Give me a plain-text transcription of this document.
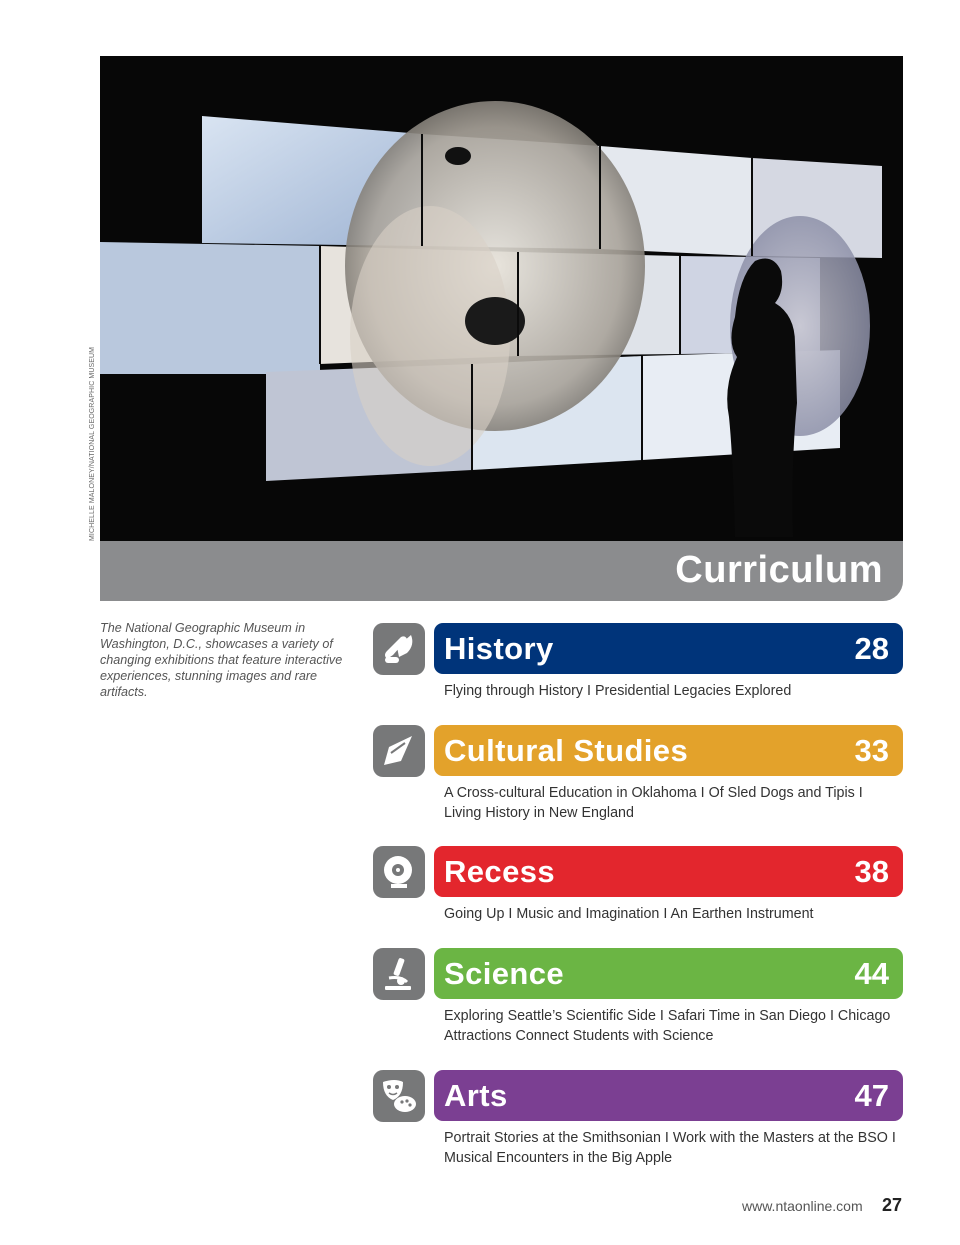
MICHELLE MALONEY/NATIONAL GEOGRAPHIC MUSEUM
Curriculum
The National Geographic Museum in Washington, D.C., showcases a variety of changing exhibitions that feature interactive experiences, stunning images and rare artifacts.
History	28
Flying through History I Presidential Legacies Explored
Cultural Studies	33
A Cross-cultural Education in Oklahoma I Of Sled Dogs and Tipis I Living History in New England
Recess	38
Going Up I Music and Imagination I An Earthen Instrument
Science	44
Exploring Seattle’s Scientific Side I Safari Time in San Diego I Chicago Attractions Connect Students with Science
Arts	47
Portrait Stories at the Smithsonian I Work with the Masters at the BSO I Musical Encounters in the Big Apple
www.ntaonline.com 27
